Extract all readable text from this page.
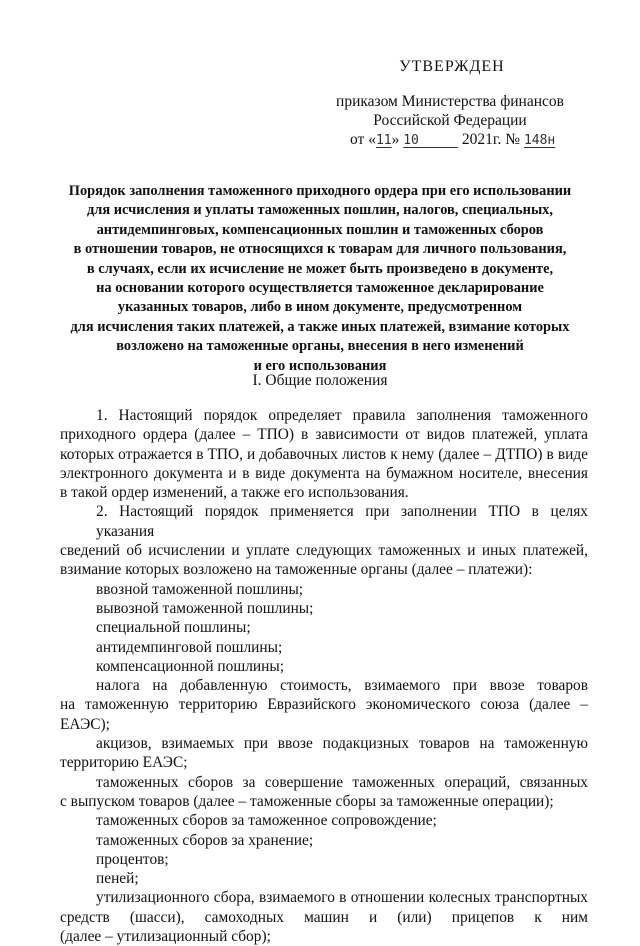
УТВЕРЖДЕН
приказом Министерства финансов
Российской Федерации
от «11» 10	2021г. № 148н
Порядок заполнения таможенного приходного ордера при его использовании
для исчисления и уплаты таможенных пошлин, налогов, специальных,
антидемпинговых, компенсационных пошлин и таможенных сборов
в отношении товаров, не относящихся к товарам для личного пользования,
в случаях, если их исчисление не может быть произведено в документе,
на основании которого осуществляется таможенное декларирование
указанных товаров, либо в ином документе, предусмотренном
для исчисления таких платежей, а также иных платежей, взимание которых
возложено на таможенные органы, внесения в него изменений
и его использования
I. Общие положения
1. Настоящий порядок определяет правила заполнения таможенного
приходного ордера (далее – ТПО) в зависимости от видов платежей, уплата
которых отражается в ТПО, и добавочных листов к нему (далее – ДТПО) в виде
электронного документа и в виде документа на бумажном носителе, внесения
в такой ордер изменений, а также его использования.
2. Настоящий порядок применяется при заполнении ТПО в целях указания
сведений об исчислении и уплате следующих таможенных и иных платежей,
взимание которых возложено на таможенные органы (далее – платежи):
ввозной таможенной пошлины;
вывозной таможенной пошлины;
специальной пошлины;
антидемпинговой пошлины;
компенсационной пошлины;
налога на добавленную стоимость, взимаемого при ввозе товаров
на таможенную территорию Евразийского экономического союза (далее – ЕАЭС);
акцизов, взимаемых при ввозе подакцизных товаров на таможенную
территорию ЕАЭС;
таможенных сборов за совершение таможенных операций, связанных
с выпуском товаров (далее – таможенные сборы за таможенные операции);
таможенных сборов за таможенное сопровождение;
таможенных сборов за хранение;
процентов;
пеней;
утилизационного сбора, взимаемого в отношении колесных транспортных
средств (шасси), самоходных машин и (или) прицепов к ним
(далее – утилизационный сбор);
